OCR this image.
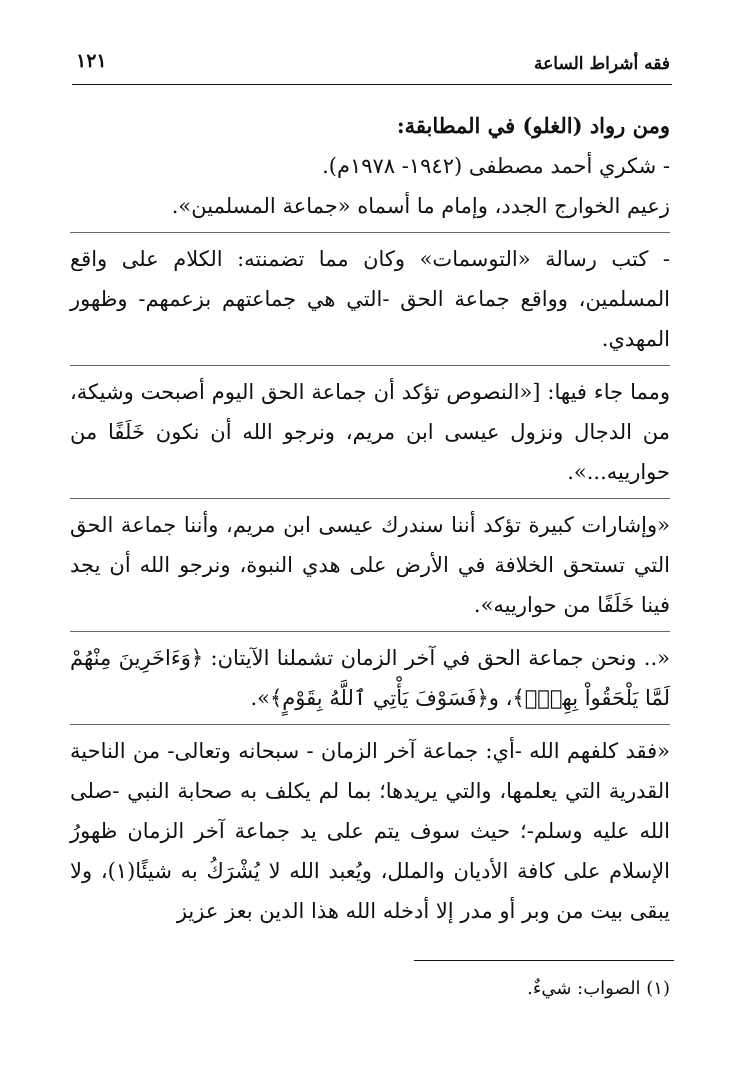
فقه أشراط الساعة
١٢١

ومن رواد (الغلو) في المطابقة:

- شكري أحمد مصطفى (١٩٤٢- ١٩٧٨م).

زعيم الخوارج الجدد، وإمام ما أسماه «جماعة المسلمين».

- كتب رسالة «التوسمات» وكان مما تضمنته: الكلام على واقع المسلمين، وواقع جماعة الحق -التي هي جماعتهم بزعمهم- وظهور المهدي.

ومما جاء فيها: [«النصوص تؤكد أن جماعة الحق اليوم أصبحت وشيكة، من الدجال ونزول عيسى ابن مريم، ونرجو الله أن نكون خَلَفًا من حوارييه...».

«وإشارات كبيرة تؤكد أننا سندرك عيسى ابن مريم، وأننا جماعة الحق التي تستحق الخلافة في الأرض على هدي النبوة، ونرجو الله أن يجد فينا خَلَفًا من حوارييه».

«.. ونحن جماعة الحق في آخر الزمان تشملنا الآيتان: ﴿وَءَاخَرِينَ مِنْهُمْ لَمَّا يَلْحَقُواْ بِهِمْۚ﴾، و﴿فَسَوْفَ يَأْتِي ٱللَّهُ بِقَوْمٍ﴾».

«فقد كلفهم الله -أي: جماعة آخر الزمان - سبحانه وتعالى- من الناحية القدرية التي يعلمها، والتي يريدها؛ بما لم يكلف به صحابة النبي -صلى الله عليه وسلم-؛ حيث سوف يتم على يد جماعة آخر الزمان ظهورُ الإسلام على كافة الأديان والملل، ويُعبد الله لا يُشْرَكُ به شيئًا(١)، ولا يبقى بيت من وبر أو مدر إلا أدخله الله هذا الدين بعز عزيز

(١) الصواب: شيءٌ.
